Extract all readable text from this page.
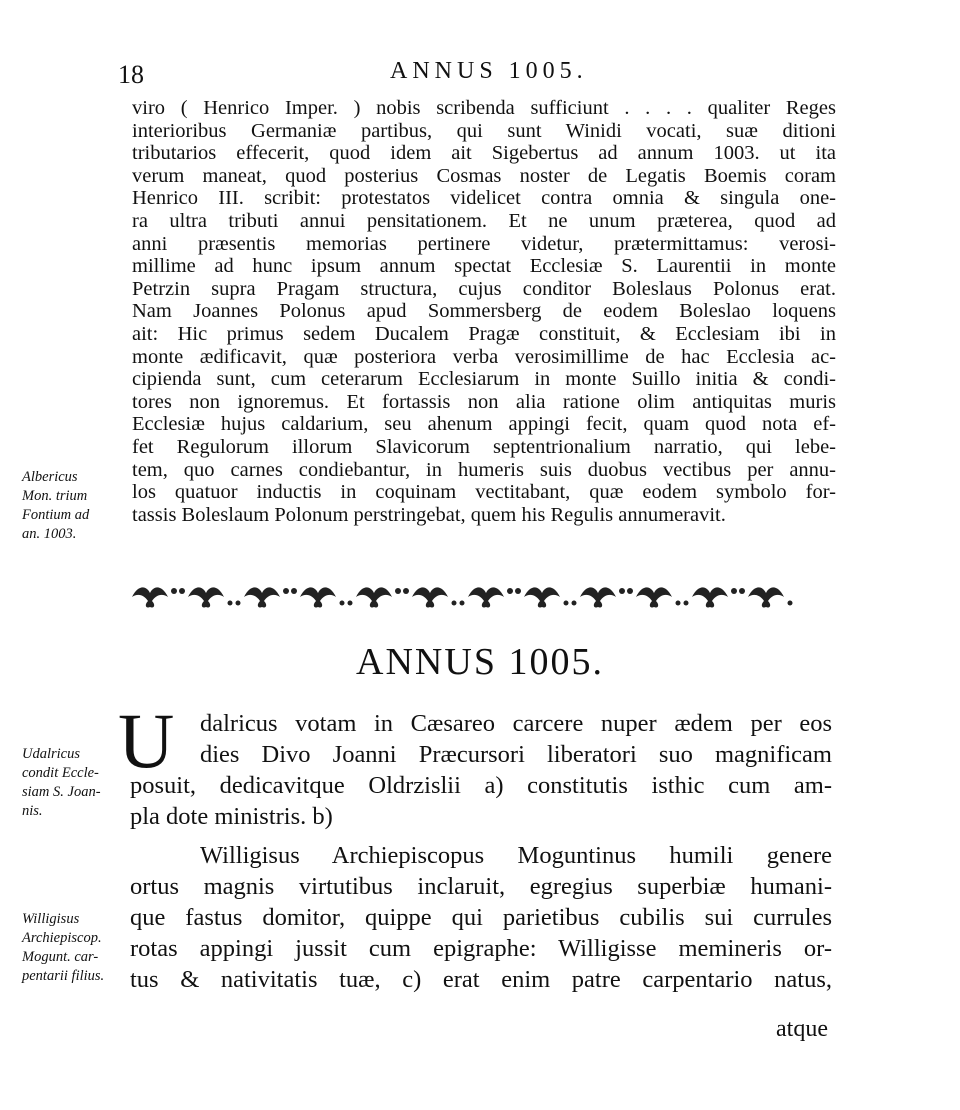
18	ANNUS 1005.
viro ( Henrico Imper. ) nobis scribenda sufficiunt . . . . qualiter Reges
interioribus Germaniæ partibus, qui sunt Winidi vocati, suæ ditioni
tributarios effecerit, quod idem ait Sigebertus ad annum 1003. ut ita
verum maneat, quod posterius Cosmas noster de Legatis Boemis coram
Henrico III. scribit: protestatos videlicet contra omnia & singula one-
ra ultra tributi annui pensitationem. Et ne unum præterea, quod ad
anni præsentis memorias pertinere videtur, prætermittamus: verosi-
millime ad hunc ipsum annum spectat Ecclesiæ S. Laurentii in monte
Petrzin supra Pragam structura, cujus conditor Boleslaus Polonus erat.
Nam Joannes Polonus apud Sommersberg de eodem Boleslao loquens
ait: Hic primus sedem Ducalem Pragæ constituit, & Ecclesiam ibi in
monte ædificavit, quæ posteriora verba verosimillime de hac Ecclesia ac-
cipienda sunt, cum ceterarum Ecclesiarum in monte Suillo initia & condi-
tores non ignoremus. Et fortassis non alia ratione olim antiquitas muris
Ecclesiæ hujus caldarium, seu ahenum appingi fecit, quam quod nota ef-
fet Regulorum illorum Slavicorum septentrionalium narratio, qui lebe-
tem, quo carnes condiebantur, in humeris suis duobus vectibus per annu-
los quatuor inductis in coquinam vectitabant, quæ eodem symbolo for-
tassis Boleslaum Polonum perstringebat, quem his Regulis annumeravit.
Albericus
Mon. trium
Fontium ad
an. 1003.
ANNUS 1005.
U dalricus votam in Cæsareo carcere nuper ædem per eos
dies Divo Joanni Præcursori liberatori suo magnificam
posuit, dedicavitque Oldrzislii a) constitutis isthic cum am-
pla dote ministris. b)
Willigisus Archiepiscopus Moguntinus humili genere
ortus magnis virtutibus inclaruit, egregius superbiæ humani-
que fastus domitor, quippe qui parietibus cubilis sui currules
rotas appingi jussit cum epigraphe: Willigisse memineris or-
tus & nativitatis tuæ, c) erat enim patre carpentario natus,
atque
Udalricus
condit Eccle-
siam S. Joan-
nis.
Willigisus
Archiepiscop.
Mogunt. car-
pentarii filius.
